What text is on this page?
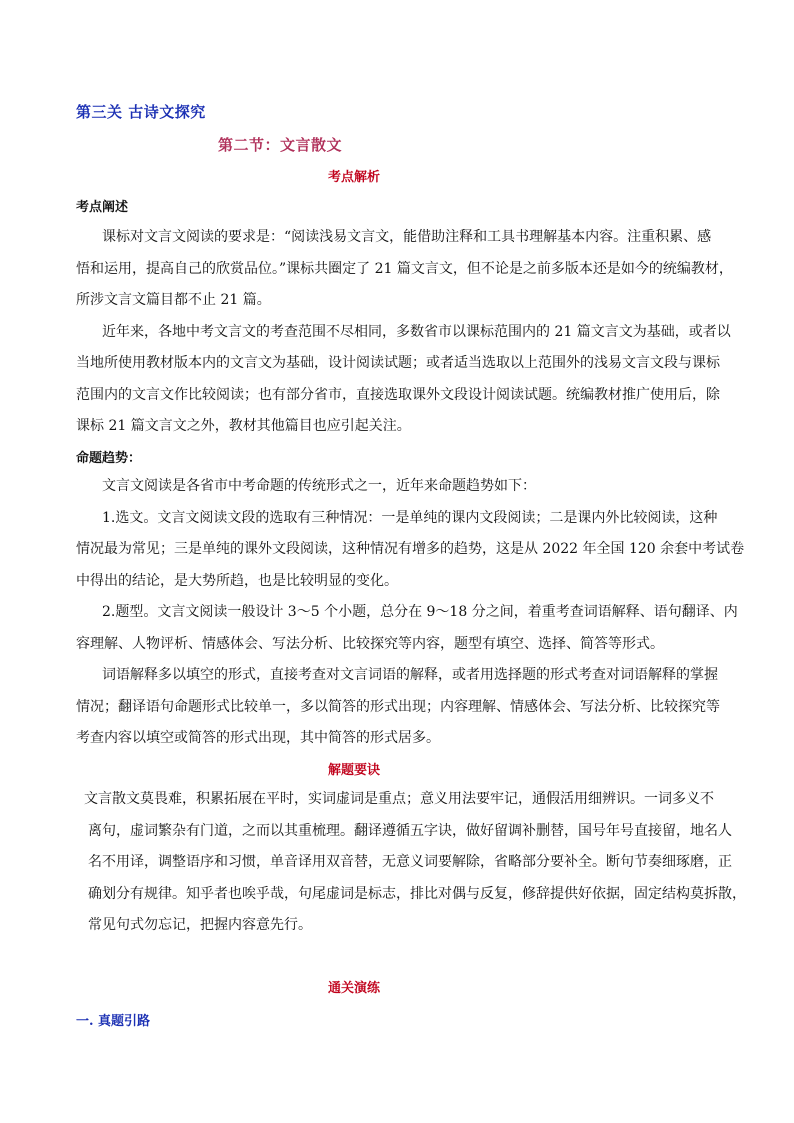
第三关 古诗文探究
第二节：文言散文
考点解析
考点阐述

课标对文言文阅读的要求是：“阅读浅易文言文，能借助注释和工具书理解基本内容。注重积累、感

悟和运用，提高自己的欣赏品位。”课标共圈定了 21 篇文言文，但不论是之前多版本还是如今的统编教材，

所涉文言文篇目都不止 21 篇。

近年来，各地中考文言文的考查范围不尽相同，多数省市以课标范围内的 21 篇文言文为基础，或者以

当地所使用教材版本内的文言文为基础，设计阅读试题；或者适当选取以上范围外的浅易文言文段与课标

范围内的文言文作比较阅读；也有部分省市，直接选取课外文段设计阅读试题。统编教材推广使用后，除

课标 21 篇文言文之外，教材其他篇目也应引起关注。

命题趋势：

文言文阅读是各省市中考命题的传统形式之一，近年来命题趋势如下：

1.选文。文言文阅读文段的选取有三种情况：一是单纯的课内文段阅读；二是课内外比较阅读，这种

情况最为常见；三是单纯的课外文段阅读，这种情况有增多的趋势，这是从 2022 年全国 120 余套中考试卷

中得出的结论，是大势所趋，也是比较明显的变化。

2.题型。文言文阅读一般设计 3～5 个小题，总分在 9～18 分之间，着重考查词语解释、语句翻译、内

容理解、人物评析、情感体会、写法分析、比较探究等内容，题型有填空、选择、简答等形式。

词语解释多以填空的形式，直接考查对文言词语的解释，或者用选择题的形式考查对词语解释的掌握

情况；翻译语句命题形式比较单一，多以简答的形式出现；内容理解、情感体会、写法分析、比较探究等

考查内容以填空或简答的形式出现，其中简答的形式居多。

解题要诀

文言散文莫畏难，积累拓展在平时，实词虚词是重点；意义用法要牢记，通假活用细辨识。一词多义不

离句，虚词繁杂有门道，之而以其重梳理。翻译遵循五字诀，做好留调补删替，国号年号直接留，地名人

名不用译，调整语序和习惯，单音译用双音替，无意义词要解除，省略部分要补全。断句节奏细琢磨，正

确划分有规律。知乎者也唉乎哉，句尾虚词是标志，排比对偶与反复，修辞提供好依据，固定结构莫拆散，

常见句式勿忘记，把握内容意先行。

通关演练
一. 真题引路
